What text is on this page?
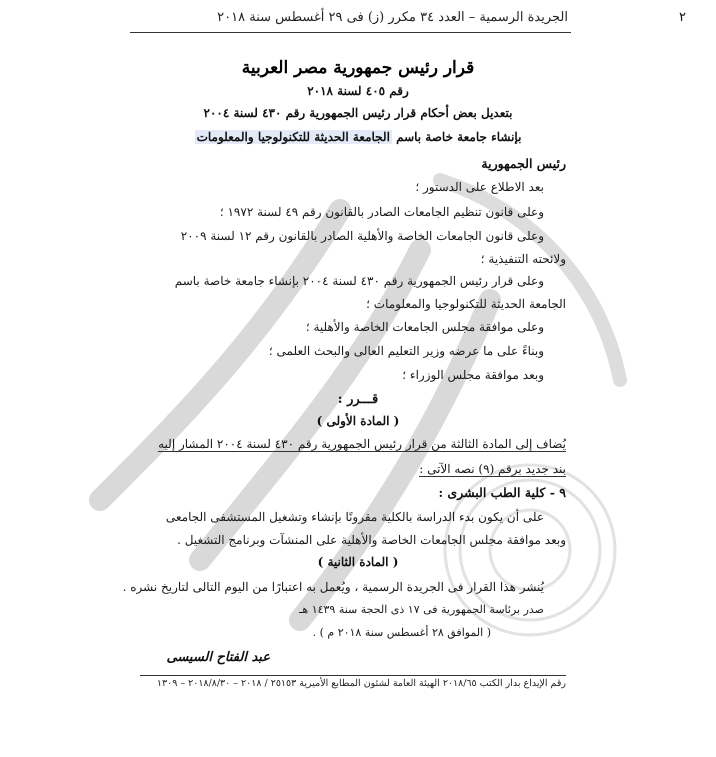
٢
الجريدة الرسمية – العدد ٣٤ مكرر (ز) فى ٢٩ أغسطس سنة ٢٠١٨
قرار رئيس جمهورية مصر العربية
رقم ٤٠٥ لسنة ٢٠١٨
بتعديل بعض أحكام قرار رئيس الجمهورية رقم ٤٣٠ لسنة ٢٠٠٤
بإنشاء جامعة خاصة باسم الجامعة الحديثة للتكنولوجيا والمعلومات
رئيس الجمهورية
بعد الاطلاع على الدستور ؛
وعلى قانون تنظيم الجامعات الصادر بالقانون رقم ٤٩ لسنة ١٩٧٢ ؛
وعلى قانون الجامعات الخاصة والأهلية الصادر بالقانون رقم ١٢ لسنة ٢٠٠٩
ولائحته التنفيذية ؛
وعلى قرار رئيس الجمهورية رقم ٤٣٠ لسنة ٢٠٠٤ بإنشاء جامعة خاصة باسم
الجامعة الحديثة للتكنولوجيا والمعلومات ؛
وعلى موافقة مجلس الجامعات الخاصة والأهلية ؛
وبناءً على ما عرضه وزير التعليم العالى والبحث العلمى ؛
وبعد موافقة مجلس الوزراء ؛
قـــرر :
( المادة الأولى )
يُضاف إلى المادة الثالثة من قرار رئيس الجمهورية رقم ٤٣٠ لسنة ٢٠٠٤ المشار إليه
بند جديد برقم (٩) نصه الآتى :
٩ - كلية الطب البشرى :
على أن يكون بدء الدراسة بالكلية مقرونًا بإنشاء وتشغيل المستشفى الجامعى
وبعد موافقة مجلس الجامعات الخاصة والأهلية على المنشآت وبرنامج التشغيل .
( المادة الثانية )
يُنشر هذا القرار فى الجريدة الرسمية ، ويُعمل به اعتبارًا من اليوم التالى لتاريخ نشره .
صدر برئاسة الجمهورية فى ١٧ ذى الحجة سنة ١٤٣٩ هـ
( الموافق ٢٨ أغسطس سنة ٢٠١٨ م ) .
عبد الفتاح السيسى
رقم الإيداع بدار الكتب ٢٠١٨/٦٥ الهيئة العامة لشئون المطابع الأميرية ٢٥١٥٣ / ٢٠١٨ – ٢٠١٨/٨/٣٠ – ١٣٠٩
